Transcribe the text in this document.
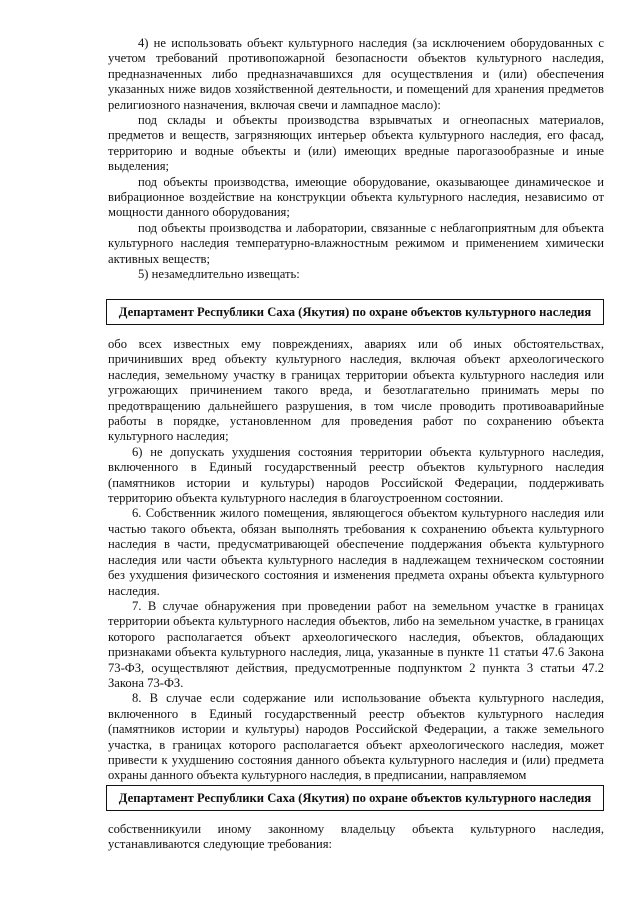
4) не использовать объект культурного наследия (за исключением оборудованных с учетом требований противопожарной безопасности объектов культурного наследия, предназначенных либо предназначавшихся для осуществления и (или) обеспечения указанных ниже видов хозяйственной деятельности, и помещений для хранения предметов религиозного назначения, включая свечи и лампадное масло):

под склады и объекты производства взрывчатых и огнеопасных материалов, предметов и веществ, загрязняющих интерьер объекта культурного наследия, его фасад, территорию и водные объекты и (или) имеющих вредные парогазообразные и иные выделения;

под объекты производства, имеющие оборудование, оказывающее динамическое и вибрационное воздействие на конструкции объекта культурного наследия, независимо от мощности данного оборудования;

под объекты производства и лаборатории, связанные с неблагоприятным для объекта культурного наследия температурно-влажностным режимом и применением химически активных веществ;

5) незамедлительно извещать:

Департамент Республики Саха (Якутия) по охране объектов культурного наследия

обо всех известных ему повреждениях, авариях или об иных обстоятельствах, причинивших вред объекту культурного наследия, включая объект археологического наследия, земельному участку в границах территории объекта культурного наследия или угрожающих причинением такого вреда, и безотлагательно принимать меры по предотвращению дальнейшего разрушения, в том числе проводить противоаварийные работы в порядке, установленном для проведения работ по сохранению объекта культурного наследия;

6) не допускать ухудшения состояния территории объекта культурного наследия, включенного в Единый государственный реестр объектов культурного наследия (памятников истории и культуры) народов Российской Федерации, поддерживать территорию объекта культурного наследия в благоустроенном состоянии.

6. Собственник жилого помещения, являющегося объектом культурного наследия или частью такого объекта, обязан выполнять требования к сохранению объекта культурного наследия в части, предусматривающей обеспечение поддержания объекта культурного наследия или части объекта культурного наследия в надлежащем техническом состоянии без ухудшения физического состояния и изменения предмета охраны объекта культурного наследия.

7. В случае обнаружения при проведении работ на земельном участке в границах территории объекта культурного наследия объектов, либо на земельном участке, в границах которого располагается объект археологического наследия, объектов, обладающих признаками объекта культурного наследия, лица, указанные в пункте 11 статьи 47.6 Закона 73-ФЗ, осуществляют действия, предусмотренные подпунктом 2 пункта 3 статьи 47.2 Закона 73-ФЗ.

8. В случае если содержание или использование объекта культурного наследия, включенного в Единый государственный реестр объектов культурного наследия (памятников истории и культуры) народов Российской Федерации, а также земельного участка, в границах которого располагается объект археологического наследия, может привести к ухудшению состояния данного объекта культурного наследия и (или) предмета охраны данного объекта культурного наследия, в предписании, направляемом

Департамент Республики Саха (Якутия) по охране объектов культурного наследия

собственникуили иному законному владельцу объекта культурного наследия, устанавливаются следующие требования:
